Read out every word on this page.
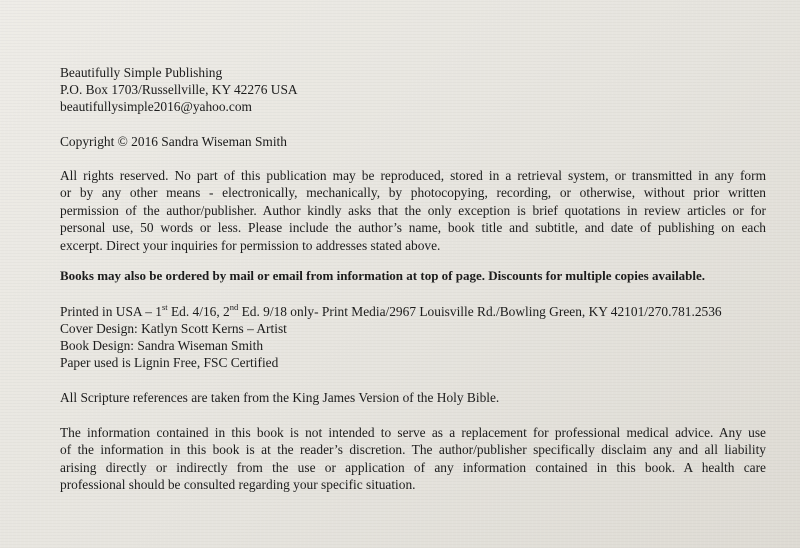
Beautifully Simple Publishing
P.O. Box 1703/Russellville, KY 42276 USA
beautifullysimple2016@yahoo.com
Copyright © 2016 Sandra Wiseman Smith
All rights reserved. No part of this publication may be reproduced, stored in a retrieval system, or transmitted in any form
or by any other means - electronically, mechanically, by photocopying, recording, or otherwise, without prior written
permission of the author/publisher. Author kindly asks that the only exception is brief quotations in review articles or for
personal use, 50 words or less. Please include the author’s name, book title and subtitle, and date of publishing on each
excerpt. Direct your inquiries for permission to addresses stated above.
Books may also be ordered by mail or email from information at top of page. Discounts for multiple copies available.
Printed in USA – 1st Ed. 4/16, 2nd Ed. 9/18 only- Print Media/2967 Louisville Rd./Bowling Green, KY 42101/270.781.2536
Cover Design: Katlyn Scott Kerns – Artist
Book Design: Sandra Wiseman Smith
Paper used is Lignin Free, FSC Certified
All Scripture references are taken from the King James Version of the Holy Bible.
The information contained in this book is not intended to serve as a replacement for professional medical advice. Any use
of the information in this book is at the reader’s discretion. The author/publisher specifically disclaim any and all liability
arising directly or indirectly from the use or application of any information contained in this book. A health care
professional should be consulted regarding your specific situation.
